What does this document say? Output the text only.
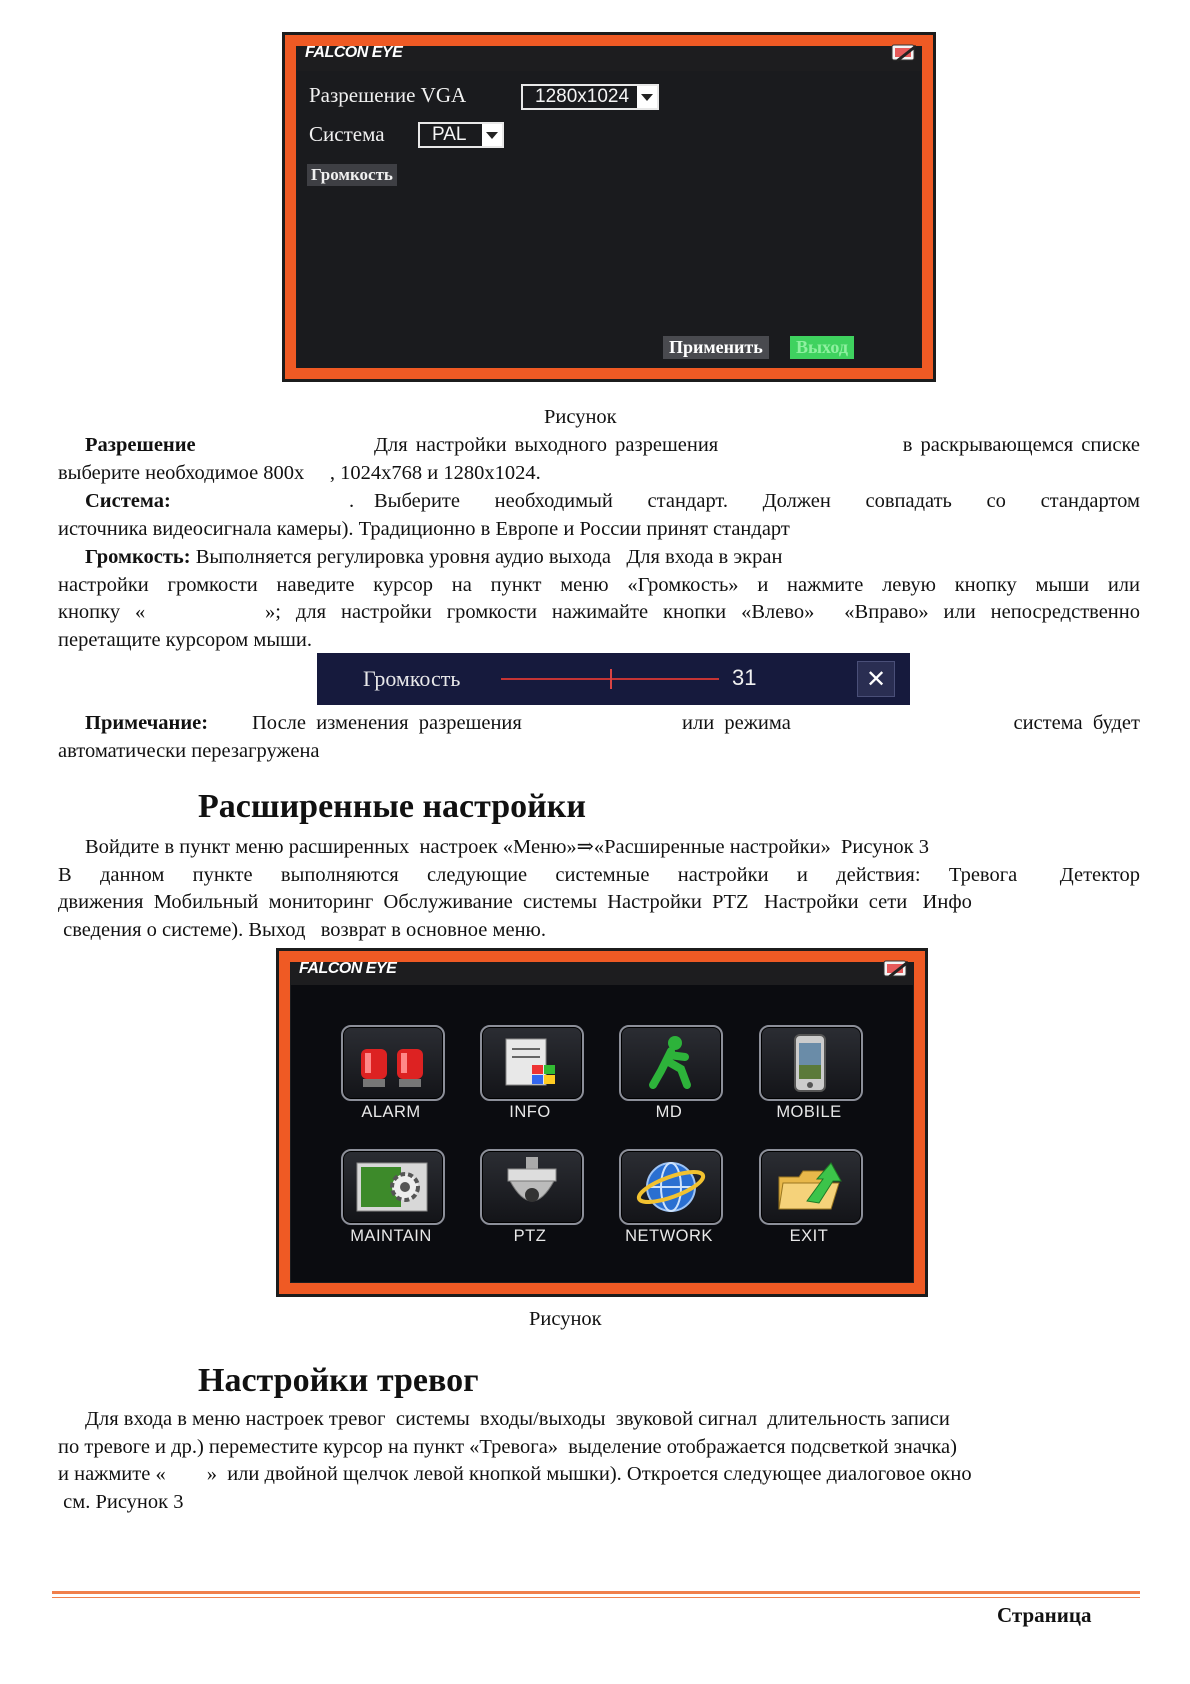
FALCON EYE
Разрешение VGA	1280x1024
Система	PAL
Громкость
Применить	Выход
Рисунок
Разрешение	Для настройки выходного разрешения	в раскрывающемся списке

выберите необходимое 800х     , 1024х768 и 1280х1024.

Система:	. Выберите необходимый стандарт. Должен совпадать со стандартом

источника видеосигнала камеры). Традиционно в Европе и России принят стандарт

Громкость: Выполняется регулировка уровня аудио выхода   Для входа в экран

настройки громкости наведите курсор на пункт меню «Громкость» и нажмите левую кнопку мыши или

кнопку «        »; для настройки громкости нажимайте кнопки «Влево»  «Вправо» или непосредственно

перетащите курсором мыши.

Громкость	31	✕
Примечание: После  изменения  разрешения	или  режима	система  будет

автоматически перезагружена

Расширенные настройки

Войдите в пункт меню расширенных  настроек «Меню»⇒«Расширенные настройки»  Рисунок 3

В  данном  пункте  выполняются  следующие  системные  настройки  и  действия:  Тревога   Детектор

движения  Мобильный  мониторинг  Обслуживание  системы  Настройки  PTZ   Настройки  сети   Инфо

сведения о системе). Выход   возврат в основное меню.

FALCON EYE
ALARM	INFO	MD	MOBILE
MAINTAIN	PTZ	NETWORK	EXIT
Рисунок
Настройки тревог

Для входа в меню настроек тревог  системы  входы/выходы  звуковой сигнал  длительность записи

по тревоге и др.) переместите курсор на пункт «Тревога»  выделение отображается подсветкой значка)

и нажмите «        »  или двойной щелчок левой кнопкой мышки). Откроется следующее диалоговое окно

см. Рисунок 3

Страница
